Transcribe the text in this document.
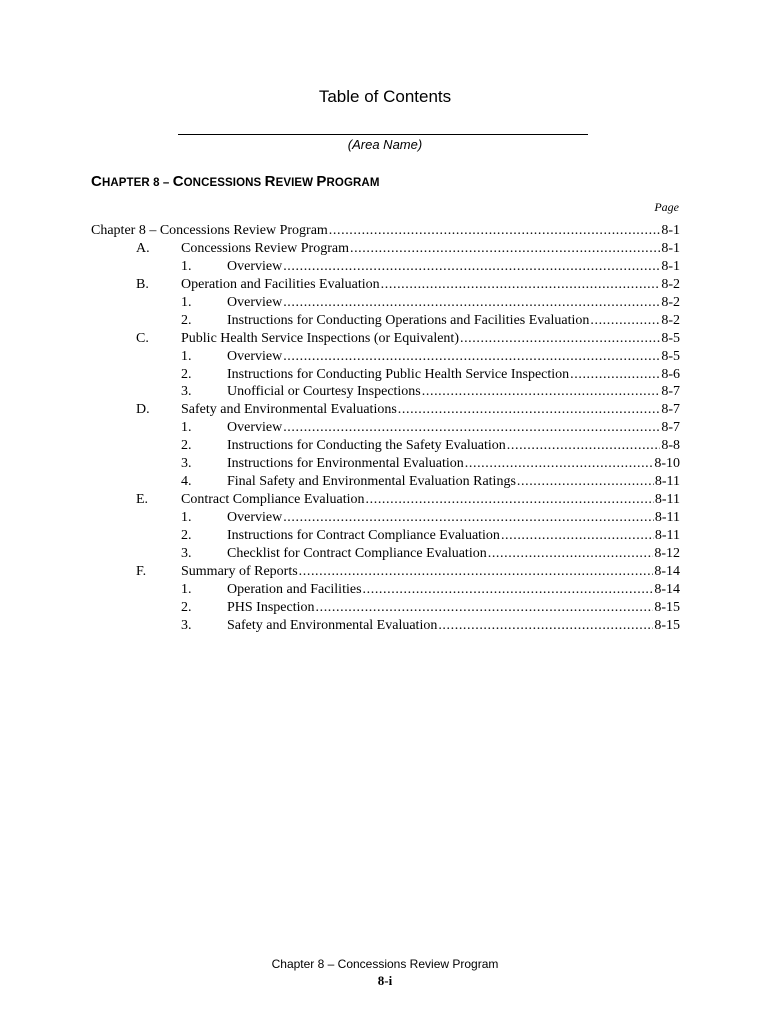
Table of Contents
(Area Name)
CHAPTER 8 – CONCESSIONS REVIEW PROGRAM
Page
Chapter 8 – Concessions Review Program .....	8-1
A.	Concessions Review Program .....	8-1
1.	Overview .....	8-1
B.	Operation and Facilities Evaluation .....	8-2
1.	Overview .....	8-2
2.	Instructions for Conducting Operations and Facilities Evaluation .....	8-2
C.	Public Health Service Inspections (or Equivalent) .....	8-5
1.	Overview .....	8-5
2.	Instructions for Conducting Public Health Service Inspection .....	8-6
3.	Unofficial or Courtesy Inspections .....	8-7
D.	Safety and Environmental Evaluations .....	8-7
1.	Overview .....	8-7
2.	Instructions for Conducting the Safety Evaluation .....	8-8
3.	Instructions for Environmental Evaluation .....	8-10
4.	Final Safety and Environmental Evaluation Ratings .....	8-11
E.	Contract Compliance Evaluation .....	8-11
1.	Overview .....	8-11
2.	Instructions for Contract Compliance Evaluation .....	8-11
3.	Checklist for Contract Compliance Evaluation .....	8-12
F.	Summary of Reports .....	8-14
1.	Operation and Facilities .....	8-14
2.	PHS Inspection .....	8-15
3.	Safety and Environmental Evaluation .....	8-15
Chapter 8 – Concessions Review Program
8-i
